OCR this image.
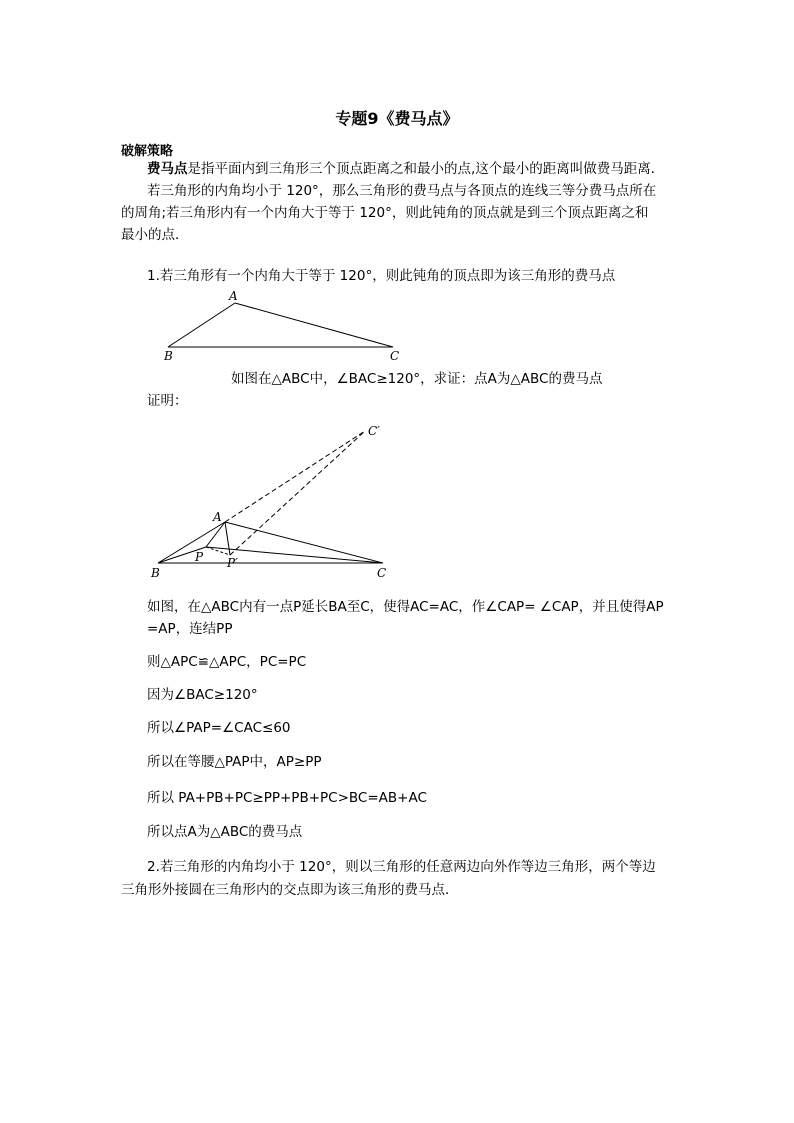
专题9《费马点》
破解策略
费马点是指平面内到三角形三个顶点距离之和最小的点,这个最小的距离叫做费马距离．
若三角形的内角均小于 120°，那么三角形的费马点与各顶点的连线三等分费马点所在
的周角;若三角形内有一个内角大于等于 120°，则此钝角的顶点就是到三个顶点距离之和
最小的点．
1.若三角形有一个内角大于等于 120°，则此钝角的顶点即为该三角形的费马点
A
B	C
如图在△ABC中，∠BAC≥120°，求证：点A为△ABC的费马点
证明：
C′
A
P P′
B	C
如图，在△ABC内有一点P延长BA至C，使得AC=AC，作∠CAP= ∠CAP，并且使得AP
=AP，连结PP
则△APC≌△APC，PC=PC
因为∠BAC≥120°
所以∠PAP=∠CAC≤60
所以在等腰△PAP中，AP≥PP
所以 PA+PB+PC≥PP+PB+PC>BC=AB+AC
所以点A为△ABC的费马点
2.若三角形的内角均小于 120°，则以三角形的任意两边向外作等边三角形，两个等边
三角形外接圆在三角形内的交点即为该三角形的费马点．
